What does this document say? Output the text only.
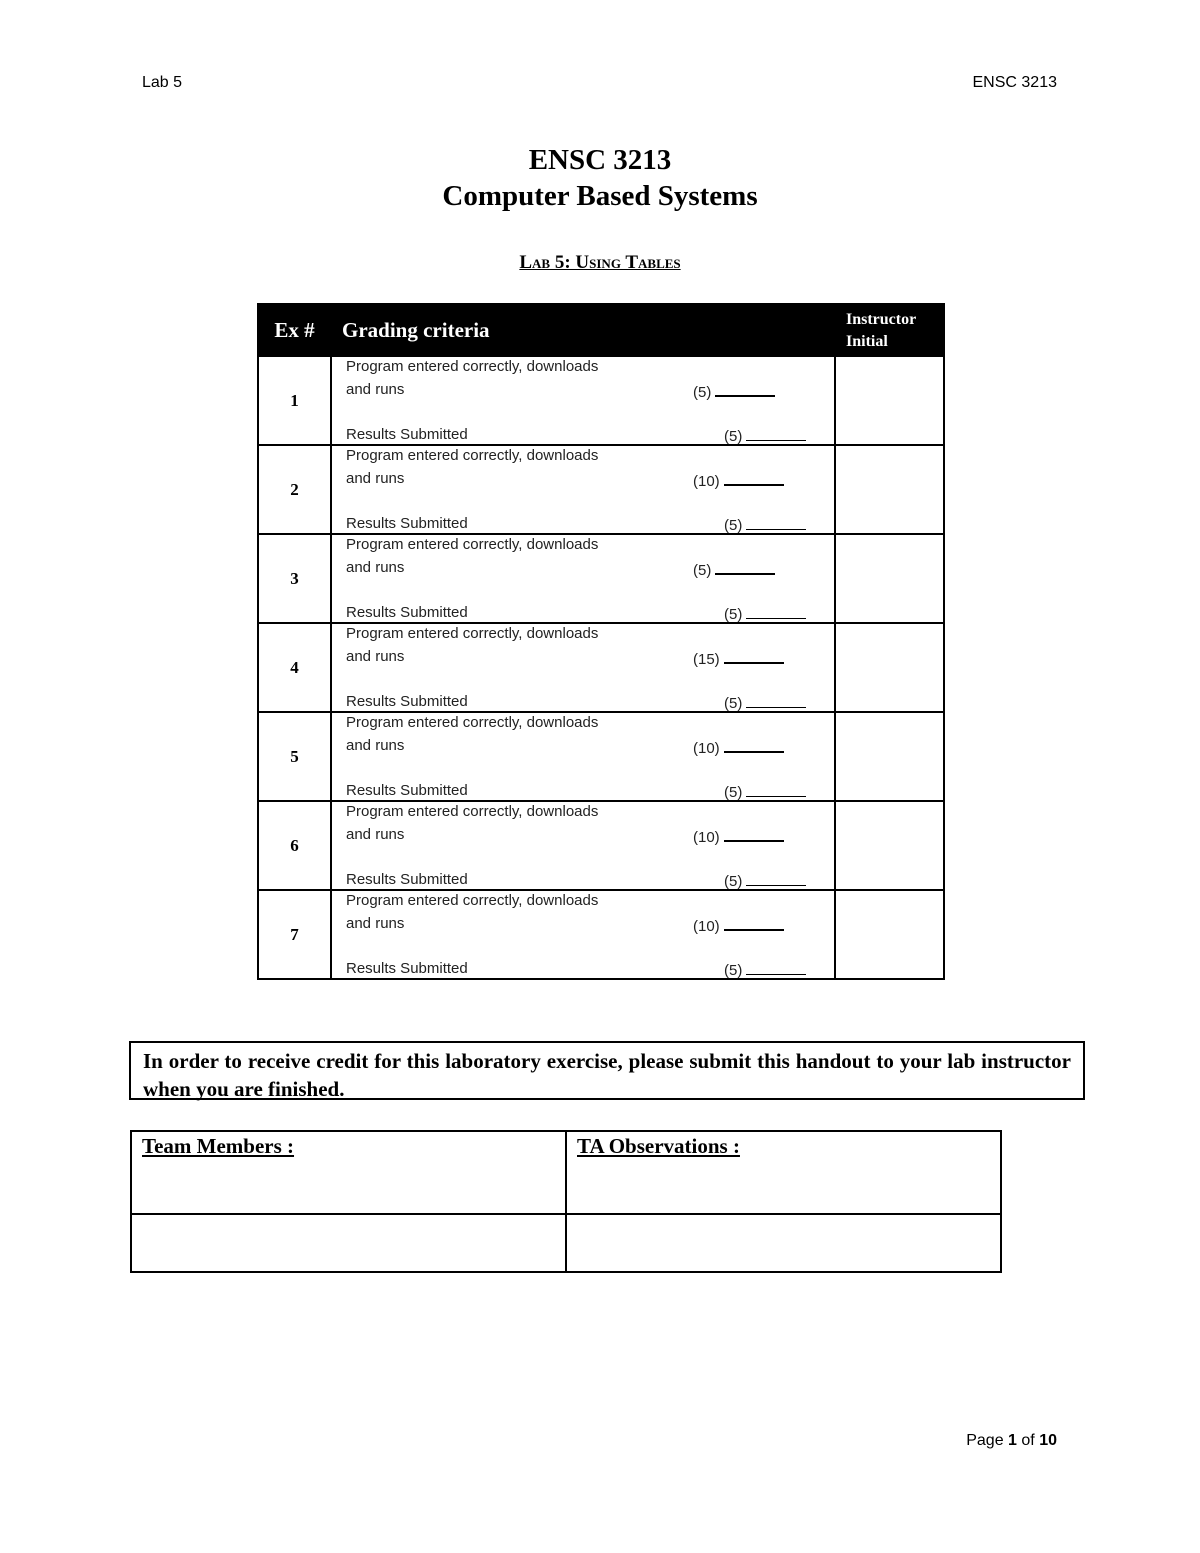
Lab 5	ENSC 3213
ENSC 3213
Computer Based Systems
Lab 5: Using Tables
Ex #	Grading criteria	Instructor Initial
1	Program entered correctly, downloads
and runs (5)
Results Submitted (5)	

2	Program entered correctly, downloads
and runs (10)
Results Submitted (5)	

3	Program entered correctly, downloads
and runs (5)
Results Submitted (5)	

4	Program entered correctly, downloads
and runs (15)
Results Submitted (5)	

5	Program entered correctly, downloads
and runs (10)
Results Submitted (5)	

6	Program entered correctly, downloads
and runs (10)
Results Submitted (5)	

7	Program entered correctly, downloads
and runs (10)
Results Submitted (5)	

In order to receive credit for this laboratory exercise, please submit this handout to your lab instructor when you are finished.
Team Members :	TA Observations :

Page 1 of 10
